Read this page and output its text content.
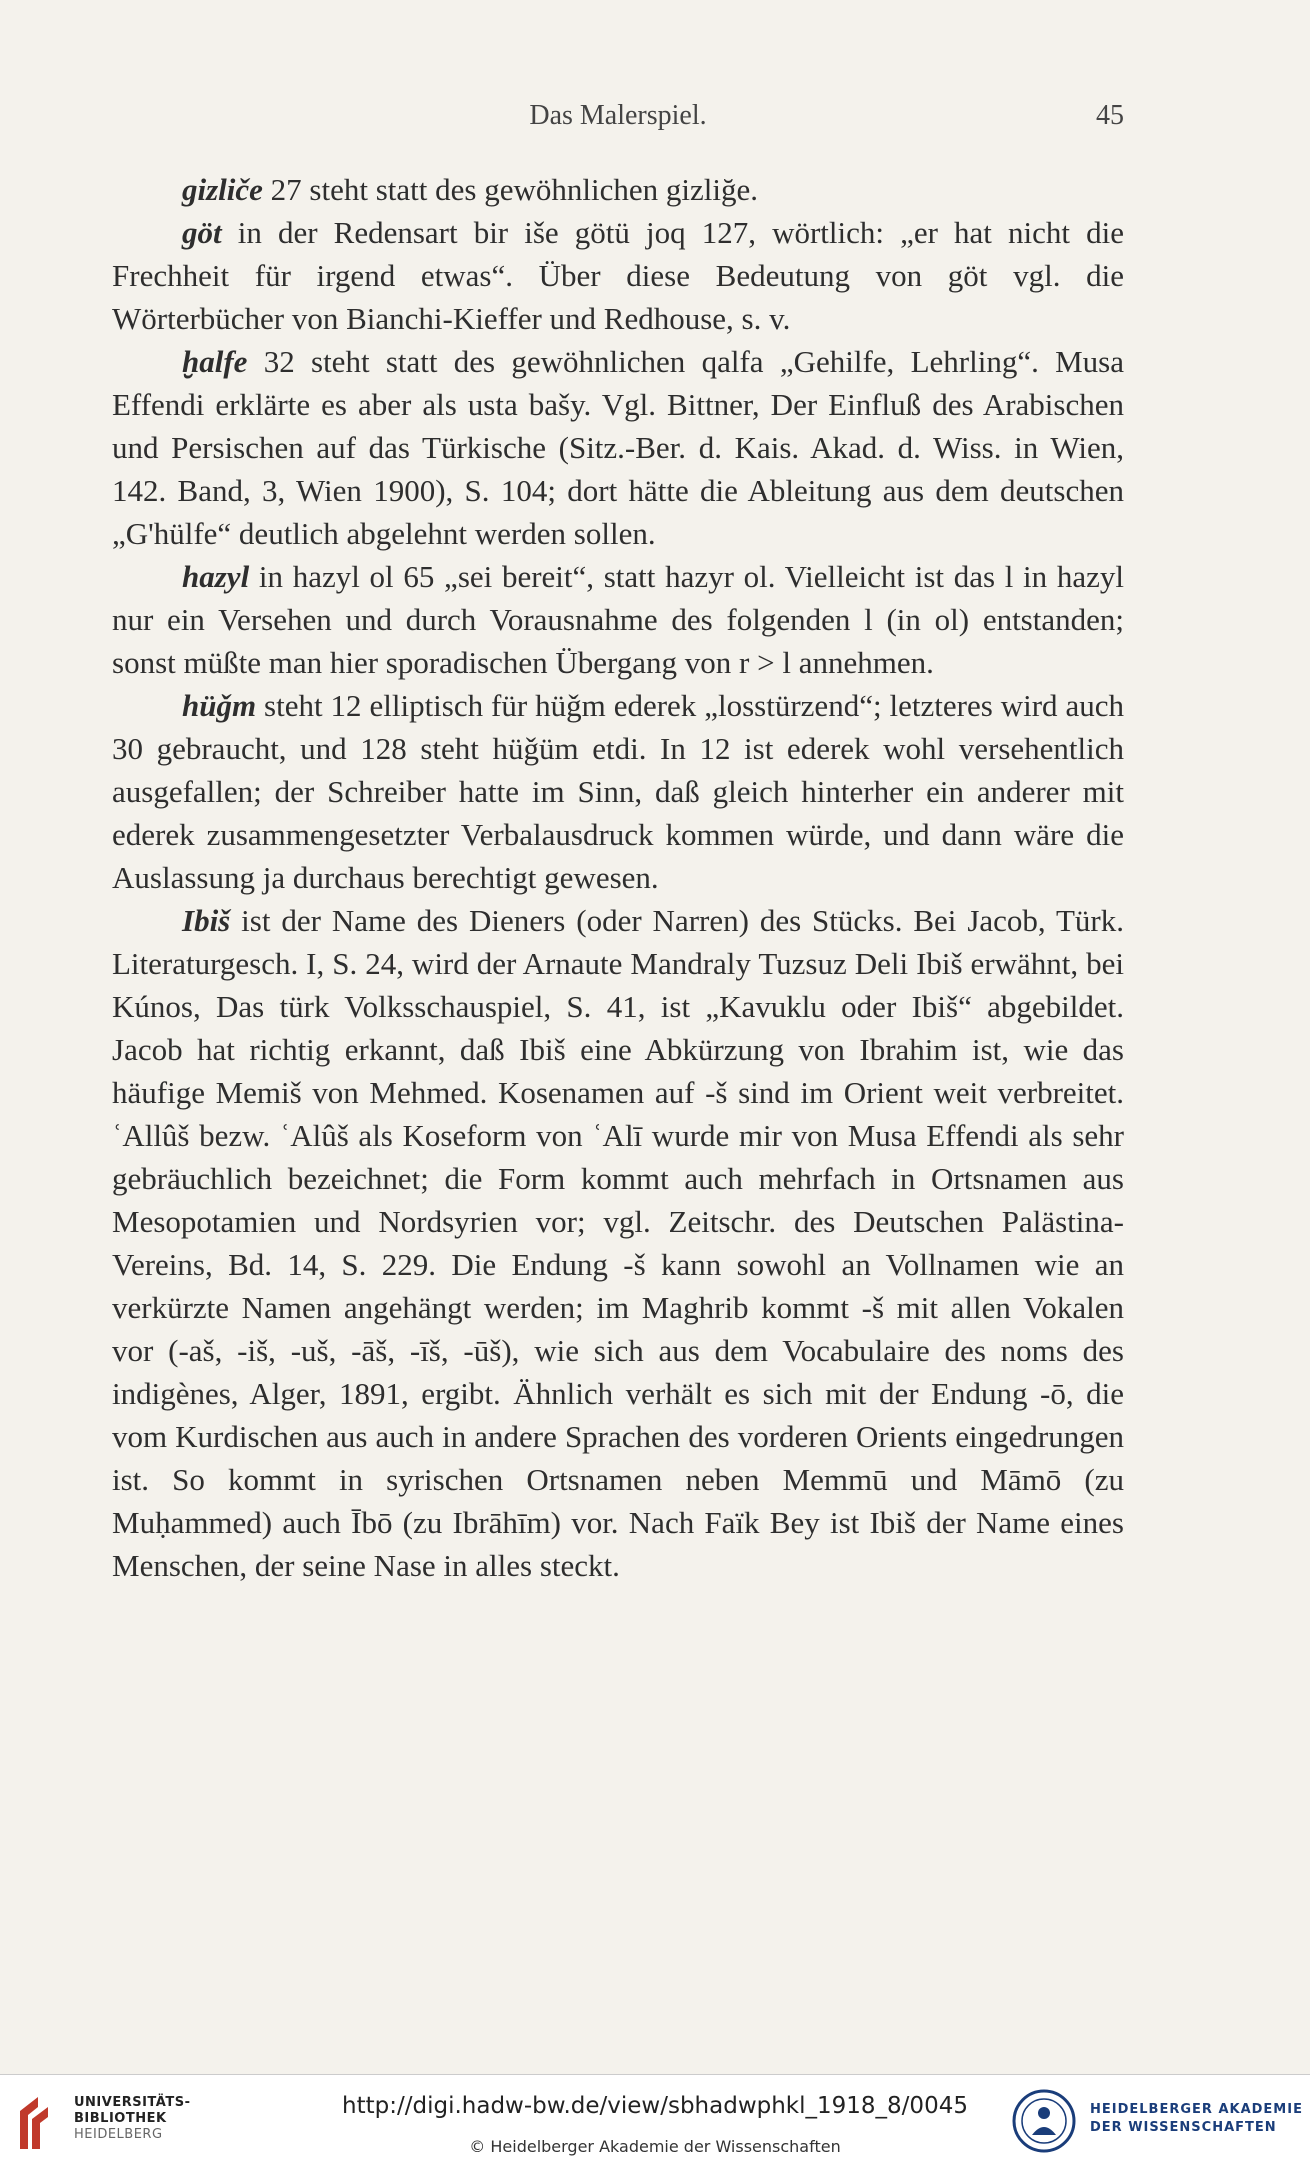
Das Malerspiel.	45

gizliče 27 steht statt des gewöhnlichen gizliğe.

göt in der Redensart bir iše götü joq 127, wörtlich: „er hat nicht die Frechheit für irgend etwas“. Über diese Bedeutung von göt vgl. die Wörterbücher von Bianchi-Kieffer und Redhouse, s. v.

ḫalfe 32 steht statt des gewöhnlichen qalfa „Gehilfe, Lehrling“. Musa Effendi erklärte es aber als usta bašy. Vgl. Bittner, Der Einfluß des Arabischen und Persischen auf das Türkische (Sitz.-Ber. d. Kais. Akad. d. Wiss. in Wien, 142. Band, 3, Wien 1900), S. 104; dort hätte die Ableitung aus dem deutschen „G'hülfe“ deutlich abgelehnt werden sollen.

hazyl in hazyl ol 65 „sei bereit“, statt hazyr ol. Vielleicht ist das l in hazyl nur ein Versehen und durch Vorausnahme des folgenden l (in ol) entstanden; sonst müßte man hier sporadischen Übergang von r > l annehmen.

hüǧm steht 12 elliptisch für hüǧm ederek „losstürzend“; letzteres wird auch 30 gebraucht, und 128 steht hüǧüm etdi. In 12 ist ederek wohl versehentlich ausgefallen; der Schreiber hatte im Sinn, daß gleich hinterher ein anderer mit ederek zusammengesetzter Verbalausdruck kommen würde, und dann wäre die Auslassung ja durchaus berechtigt gewesen.

Ibiš ist der Name des Dieners (oder Narren) des Stücks. Bei Jacob, Türk. Literaturgesch. I, S. 24, wird der Arnaute Mandraly Tuzsuz Deli Ibiš erwähnt, bei Kúnos, Das türk Volksschauspiel, S. 41, ist „Kavuklu oder Ibiš“ abgebildet. Jacob hat richtig erkannt, daß Ibiš eine Abkürzung von Ibrahim ist, wie das häufige Memiš von Mehmed. Kosenamen auf -š sind im Orient weit verbreitet. ʿAllûš bezw. ʿAlûš als Koseform von ʿAlī wurde mir von Musa Effendi als sehr gebräuchlich bezeichnet; die Form kommt auch mehrfach in Ortsnamen aus Mesopotamien und Nordsyrien vor; vgl. Zeitschr. des Deutschen Palästina-Vereins, Bd. 14, S. 229. Die Endung -š kann sowohl an Vollnamen wie an verkürzte Namen angehängt werden; im Maghrib kommt -š mit allen Vokalen vor (-aš, -iš, -uš, -āš, -īš, -ūš), wie sich aus dem Vocabulaire des noms des indigènes, Alger, 1891, ergibt. Ähnlich verhält es sich mit der Endung -ō, die vom Kurdischen aus auch in andere Sprachen des vorderen Orients eingedrungen ist. So kommt in syrischen Ortsnamen neben Memmū und Māmō (zu Muḥammed) auch Ībō (zu Ibrāhīm) vor. Nach Faïk Bey ist Ibiš der Name eines Menschen, der seine Nase in alles steckt.

UNIVERSITÄTS-
BIBLIOTHEK
HEIDELBERG
http://digi.hadw-bw.de/view/sbhadwphkl_1918_8/0045
© Heidelberger Akademie der Wissenschaften
HEIDELBERGER AKADEMIE
DER WISSENSCHAFTEN
